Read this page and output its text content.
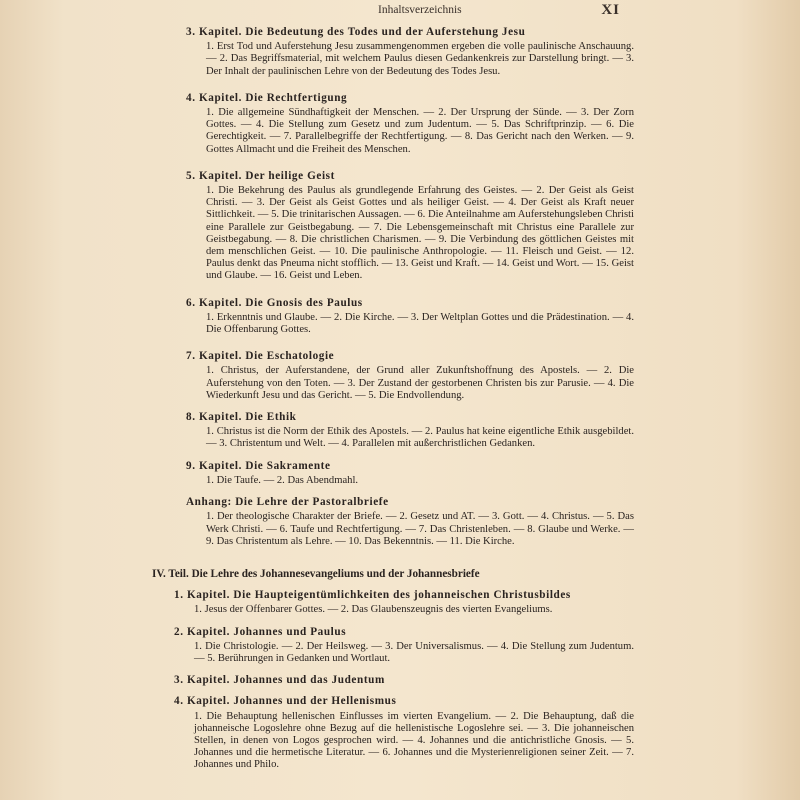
Inhaltsverzeichnis	XI
3. Kapitel. Die Bedeutung des Todes und der Auferstehung Jesu
1. Erst Tod und Auferstehung Jesu zusammengenommen ergeben die volle paulinische Anschauung. — 2. Das Begriffsmaterial, mit welchem Paulus diesen Gedankenkreis zur Darstellung bringt. — 3. Der Inhalt der paulinischen Lehre von der Bedeutung des Todes Jesu.
4. Kapitel. Die Rechtfertigung
1. Die allgemeine Sündhaftigkeit der Menschen. — 2. Der Ursprung der Sünde. — 3. Der Zorn Gottes. — 4. Die Stellung zum Gesetz und zum Judentum. — 5. Das Schriftprinzip. — 6. Die Gerechtigkeit. — 7. Parallelbegriffe der Rechtfertigung. — 8. Das Gericht nach den Werken. — 9. Gottes Allmacht und die Freiheit des Menschen.
5. Kapitel. Der heilige Geist
1. Die Bekehrung des Paulus als grundlegende Erfahrung des Geistes. — 2. Der Geist als Geist Christi. — 3. Der Geist als Geist Gottes und als heiliger Geist. — 4. Der Geist als Kraft neuer Sittlichkeit. — 5. Die trinitarischen Aussagen. — 6. Die Anteilnahme am Auferstehungsleben Christi eine Parallele zur Geistbegabung. — 7. Die Lebensgemeinschaft mit Christus eine Parallele zur Geistbegabung. — 8. Die christlichen Charismen. — 9. Die Verbindung des göttlichen Geistes mit dem menschlichen Geist. — 10. Die paulinische Anthropologie. — 11. Fleisch und Geist. — 12. Paulus denkt das Pneuma nicht stofflich. — 13. Geist und Kraft. — 14. Geist und Wort. — 15. Geist und Glaube. — 16. Geist und Leben.
6. Kapitel. Die Gnosis des Paulus
1. Erkenntnis und Glaube. — 2. Die Kirche. — 3. Der Weltplan Gottes und die Prädestination. — 4. Die Offenbarung Gottes.
7. Kapitel. Die Eschatologie
1. Christus, der Auferstandene, der Grund aller Zukunftshoffnung des Apostels. — 2. Die Auferstehung von den Toten. — 3. Der Zustand der gestorbenen Christen bis zur Parusie. — 4. Die Wiederkunft Jesu und das Gericht. — 5. Die Endvollendung.
8. Kapitel. Die Ethik
1. Christus ist die Norm der Ethik des Apostels. — 2. Paulus hat keine eigentliche Ethik ausgebildet. — 3. Christentum und Welt. — 4. Parallelen mit außerchristlichen Gedanken.
9. Kapitel. Die Sakramente
1. Die Taufe. — 2. Das Abendmahl.
Anhang: Die Lehre der Pastoralbriefe
1. Der theologische Charakter der Briefe. — 2. Gesetz und AT. — 3. Gott. — 4. Christus. — 5. Das Werk Christi. — 6. Taufe und Rechtfertigung. — 7. Das Christenleben. — 8. Glaube und Werke. — 9. Das Christentum als Lehre. — 10. Das Bekenntnis. — 11. Die Kirche.
IV. Teil. Die Lehre des Johannesevangeliums und der Johannesbriefe
1. Kapitel. Die Haupteigentümlichkeiten des johanneischen Christusbildes
1. Jesus der Offenbarer Gottes. — 2. Das Glaubenszeugnis des vierten Evangeliums.
2. Kapitel. Johannes und Paulus
1. Die Christologie. — 2. Der Heilsweg. — 3. Der Universalismus. — 4. Die Stellung zum Judentum. — 5. Berührungen in Gedanken und Wortlaut.
3. Kapitel. Johannes und das Judentum
4. Kapitel. Johannes und der Hellenismus
1. Die Behauptung hellenischen Einflusses im vierten Evangelium. — 2. Die Behauptung, daß die johanneische Logoslehre ohne Bezug auf die hellenistische Logoslehre sei. — 3. Die johanneischen Stellen, in denen von Logos gesprochen wird. — 4. Johannes und die antichristliche Gnosis. — 5. Johannes und die hermetische Literatur. — 6. Johannes und die Mysterienreligionen seiner Zeit. — 7. Johannes und Philo.
